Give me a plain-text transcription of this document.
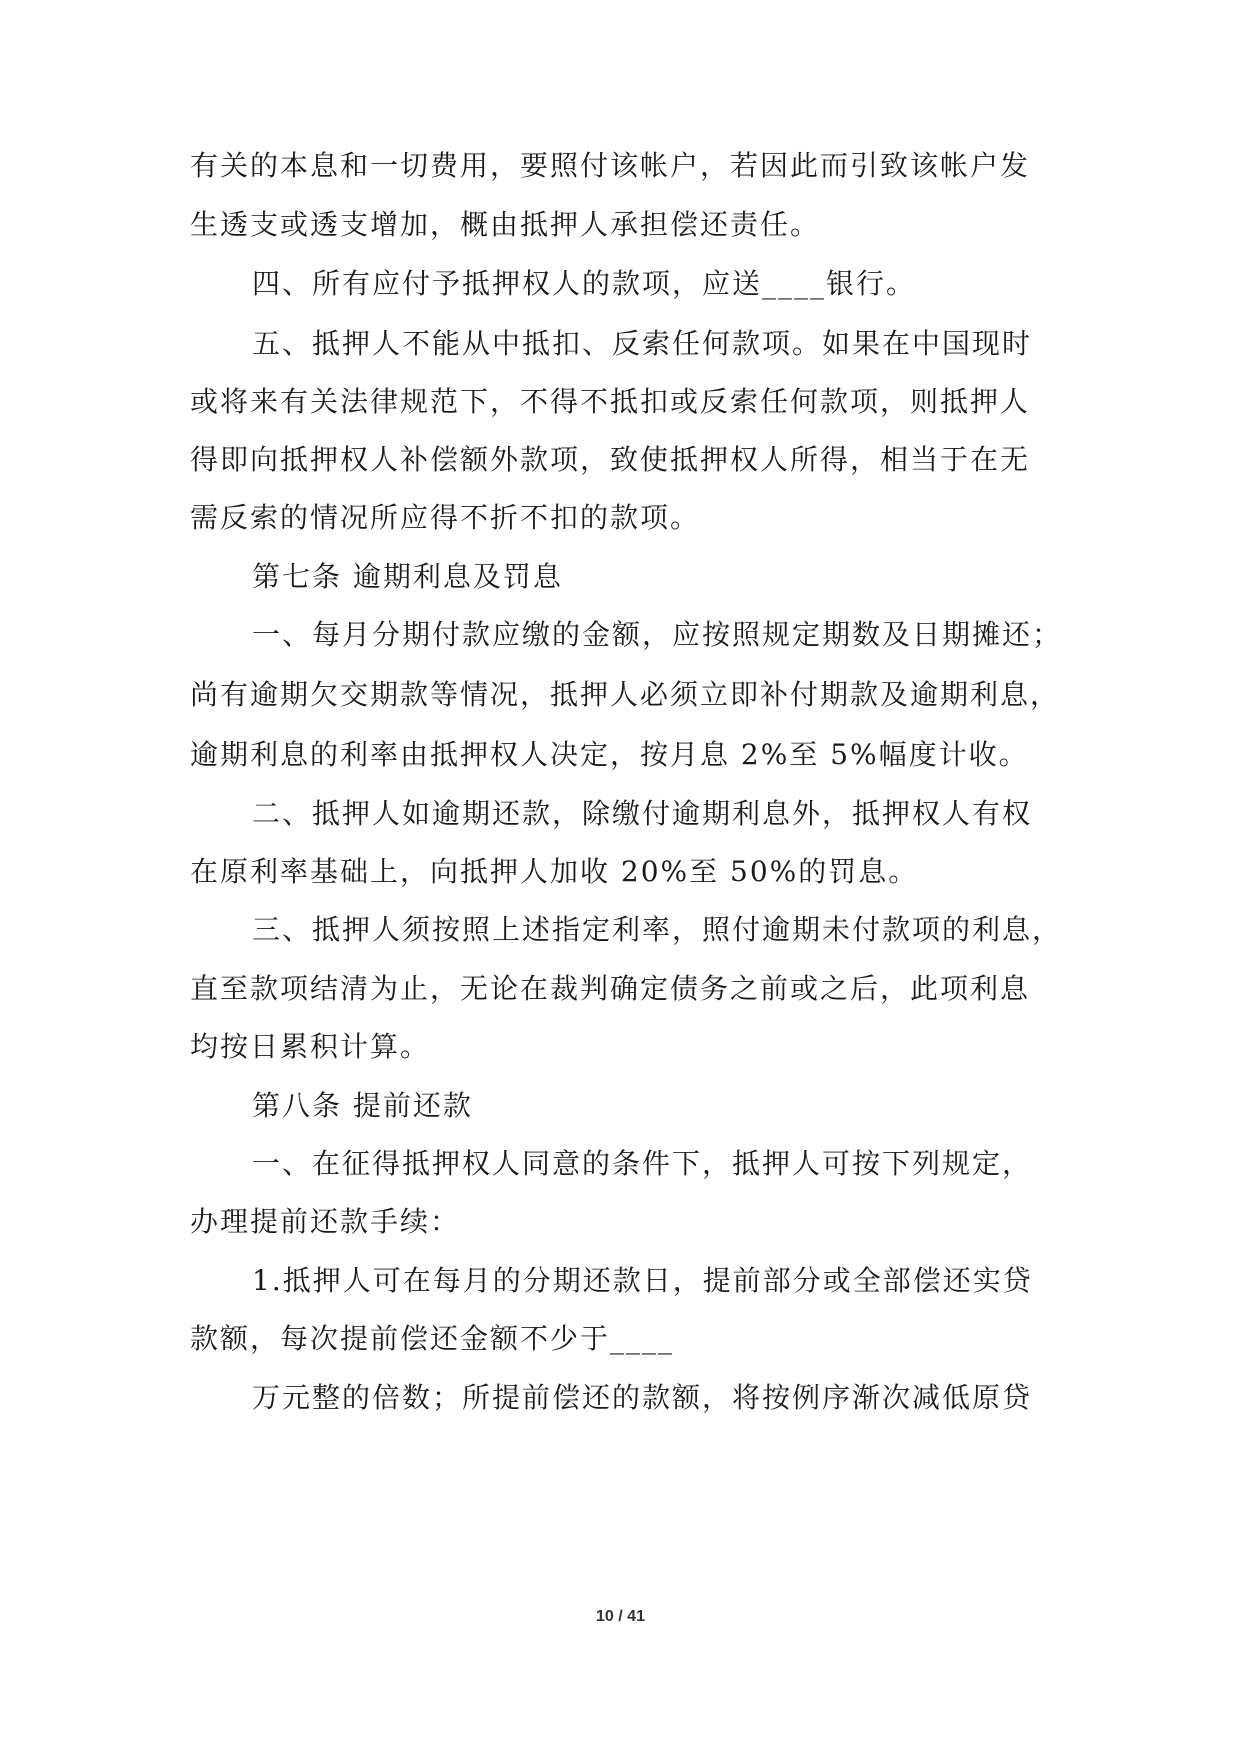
有关的本息和一切费用，要照付该帐户，若因此而引致该帐户发
生透支或透支增加，概由抵押人承担偿还责任。
四、所有应付予抵押权人的款项，应送____银行。
五、抵押人不能从中抵扣、反索任何款项。如果在中国现时
或将来有关法律规范下，不得不抵扣或反索任何款项，则抵押人
得即向抵押权人补偿额外款项，致使抵押权人所得，相当于在无
需反索的情况所应得不折不扣的款项。
第七条 逾期利息及罚息
一、每月分期付款应缴的金额，应按照规定期数及日期摊还；
尚有逾期欠交期款等情况，抵押人必须立即补付期款及逾期利息，
逾期利息的利率由抵押权人决定，按月息 2%至 5%幅度计收。
二、抵押人如逾期还款，除缴付逾期利息外，抵押权人有权
在原利率基础上，向抵押人加收 20%至 50%的罚息。
三、抵押人须按照上述指定利率，照付逾期未付款项的利息，
直至款项结清为止，无论在裁判确定债务之前或之后，此项利息
均按日累积计算。
第八条 提前还款
一、在征得抵押权人同意的条件下，抵押人可按下列规定，
办理提前还款手续：
1.抵押人可在每月的分期还款日，提前部分或全部偿还实贷
款额，每次提前偿还金额不少于____
万元整的倍数；所提前偿还的款额，将按例序渐次减低原贷
10 / 41
